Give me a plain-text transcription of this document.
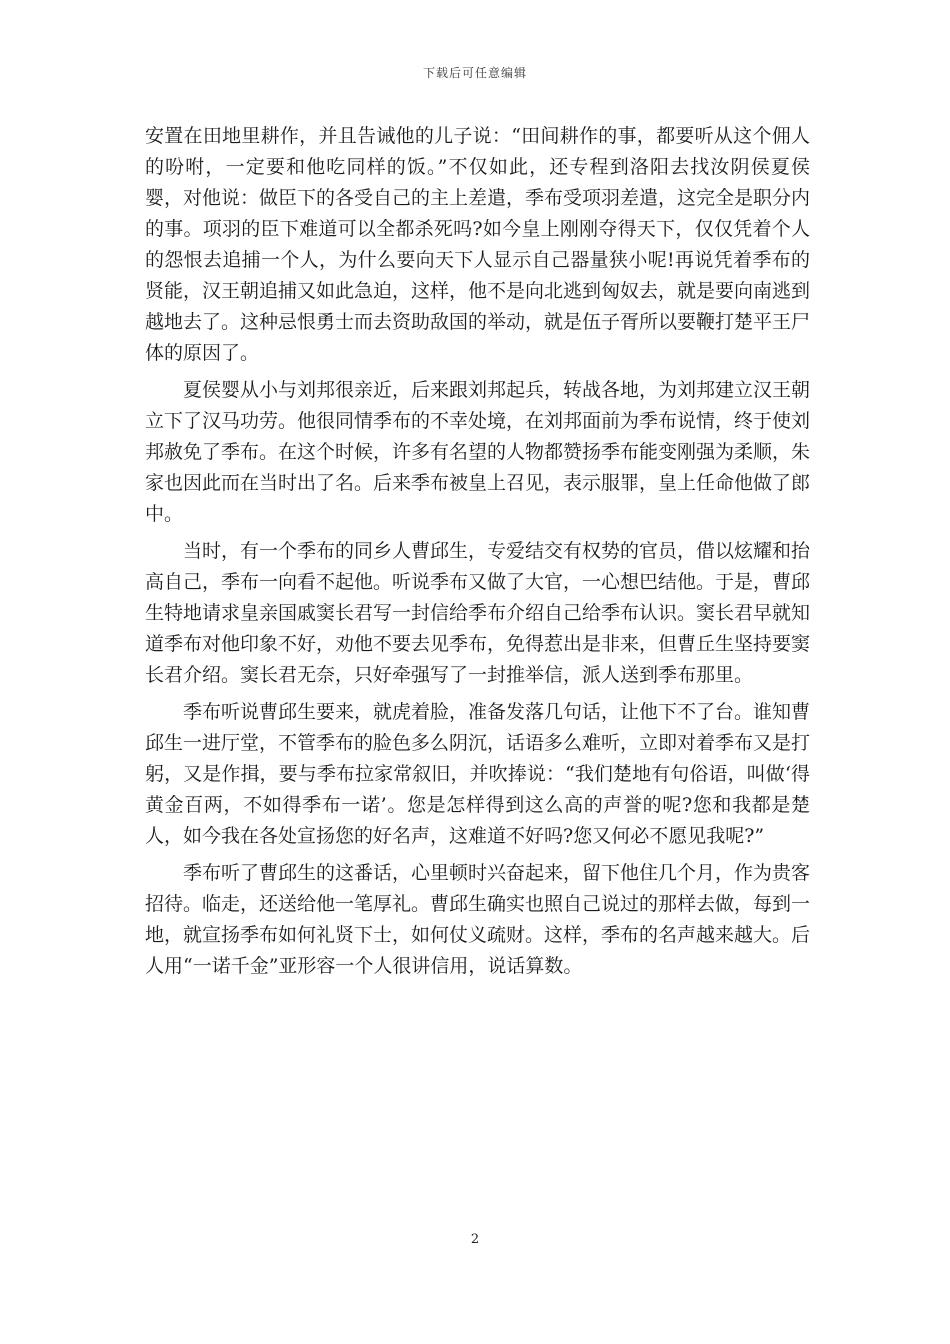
下载后可任意编辑

安置在田地里耕作，并且告诫他的儿子说：“田间耕作的事，都要听从这个佣人的吩咐，一定要和他吃同样的饭。”不仅如此，还专程到洛阳去找汝阴侯夏侯婴，对他说：做臣下的各受自己的主上差遣，季布受项羽差遣，这完全是职分内的事。项羽的臣下难道可以全都杀死吗?如今皇上刚刚夺得天下，仅仅凭着个人的怨恨去追捕一个人，为什么要向天下人显示自己器量狭小呢!再说凭着季布的贤能，汉王朝追捕又如此急迫，这样，他不是向北逃到匈奴去，就是要向南逃到越地去了。这种忌恨勇士而去资助敌国的举动，就是伍子胥所以要鞭打楚平王尸体的原因了。

夏侯婴从小与刘邦很亲近，后来跟刘邦起兵，转战各地，为刘邦建立汉王朝立下了汉马功劳。他很同情季布的不幸处境，在刘邦面前为季布说情，终于使刘邦赦免了季布。在这个时候，许多有名望的人物都赞扬季布能变刚强为柔顺，朱家也因此而在当时出了名。后来季布被皇上召见，表示服罪，皇上任命他做了郎中。

当时，有一个季布的同乡人曹邱生，专爱结交有权势的官员，借以炫耀和抬高自己，季布一向看不起他。听说季布又做了大官，一心想巴结他。于是，曹邱生特地请求皇亲国戚窦长君写一封信给季布介绍自己给季布认识。窦长君早就知道季布对他印象不好，劝他不要去见季布，免得惹出是非来，但曹丘生坚持要窦长君介绍。窦长君无奈，只好牵强写了一封推举信，派人送到季布那里。

季布听说曹邱生要来，就虎着脸，准备发落几句话，让他下不了台。谁知曹邱生一进厅堂，不管季布的脸色多么阴沉，话语多么难听，立即对着季布又是打躬，又是作揖，要与季布拉家常叙旧，并吹捧说：“我们楚地有句俗语，叫做‘得黄金百两，不如得季布一诺’。您是怎样得到这么高的声誉的呢?您和我都是楚人，如今我在各处宣扬您的好名声，这难道不好吗?您又何必不愿见我呢?”

季布听了曹邱生的这番话，心里顿时兴奋起来，留下他住几个月，作为贵客招待。临走，还送给他一笔厚礼。曹邱生确实也照自己说过的那样去做，每到一地，就宣扬季布如何礼贤下士，如何仗义疏财。这样，季布的名声越来越大。后人用“一诺千金”亚形容一个人很讲信用，说话算数。

2
